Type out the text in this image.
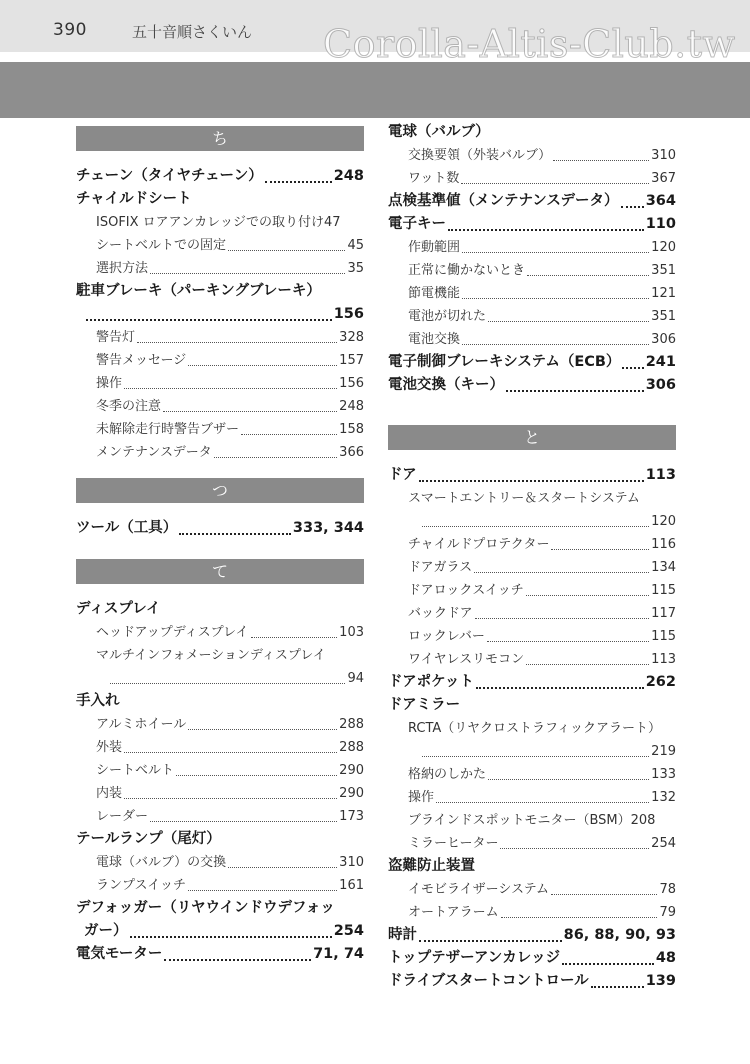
390	五十音順さくいん Corolla-Altis-Club.tw
ち
チェーン（タイヤチェーン）	248
チャイルドシート
ISOFIX ロアアンカレッジでの取り付け 47
シートベルトでの固定	45
選択方法	35
駐車ブレーキ（パーキングブレーキ）
156
警告灯	328
警告メッセージ	157
操作	156
冬季の注意	248
未解除走行時警告ブザー	158
メンテナンスデータ	366
つ
ツール（工具）	333, 344
て
ディスプレイ
ヘッドアップディスプレイ	103
マルチインフォメーションディスプレイ
94
手入れ
アルミホイール	288
外装	288
シートベルト	290
内装	290
レーダー	173
テールランプ（尾灯）
電球（バルブ）の交換	310
ランプスイッチ	161
デフォッガー（リヤウインドウデフォッ
ガー）	254
電気モーター	71, 74
電球（バルブ）
交換要領（外装バルブ）	310
ワット数	367
点検基準値（メンテナンスデータ） 364
電子キー	110
作動範囲	120
正常に働かないとき	351
節電機能	121
電池が切れた	351
電池交換	306
電子制御ブレーキシステム（ECB） 241
電池交換（キー）	306
と
ドア	113
スマートエントリー＆スタートシステム
120
チャイルドプロテクター	116
ドアガラス	134
ドアロックスイッチ	115
バックドア	117
ロックレバー	115
ワイヤレスリモコン	113
ドアポケット	262
ドアミラー
RCTA（リヤクロストラフィックアラート）
219
格納のしかた	133
操作	132
ブラインドスポットモニター（BSM） 208
ミラーヒーター	254
盗難防止装置
イモビライザーシステム	78
オートアラーム	79
時計	86, 88, 90, 93
トップテザーアンカレッジ	48
ドライブスタートコントロール	139
